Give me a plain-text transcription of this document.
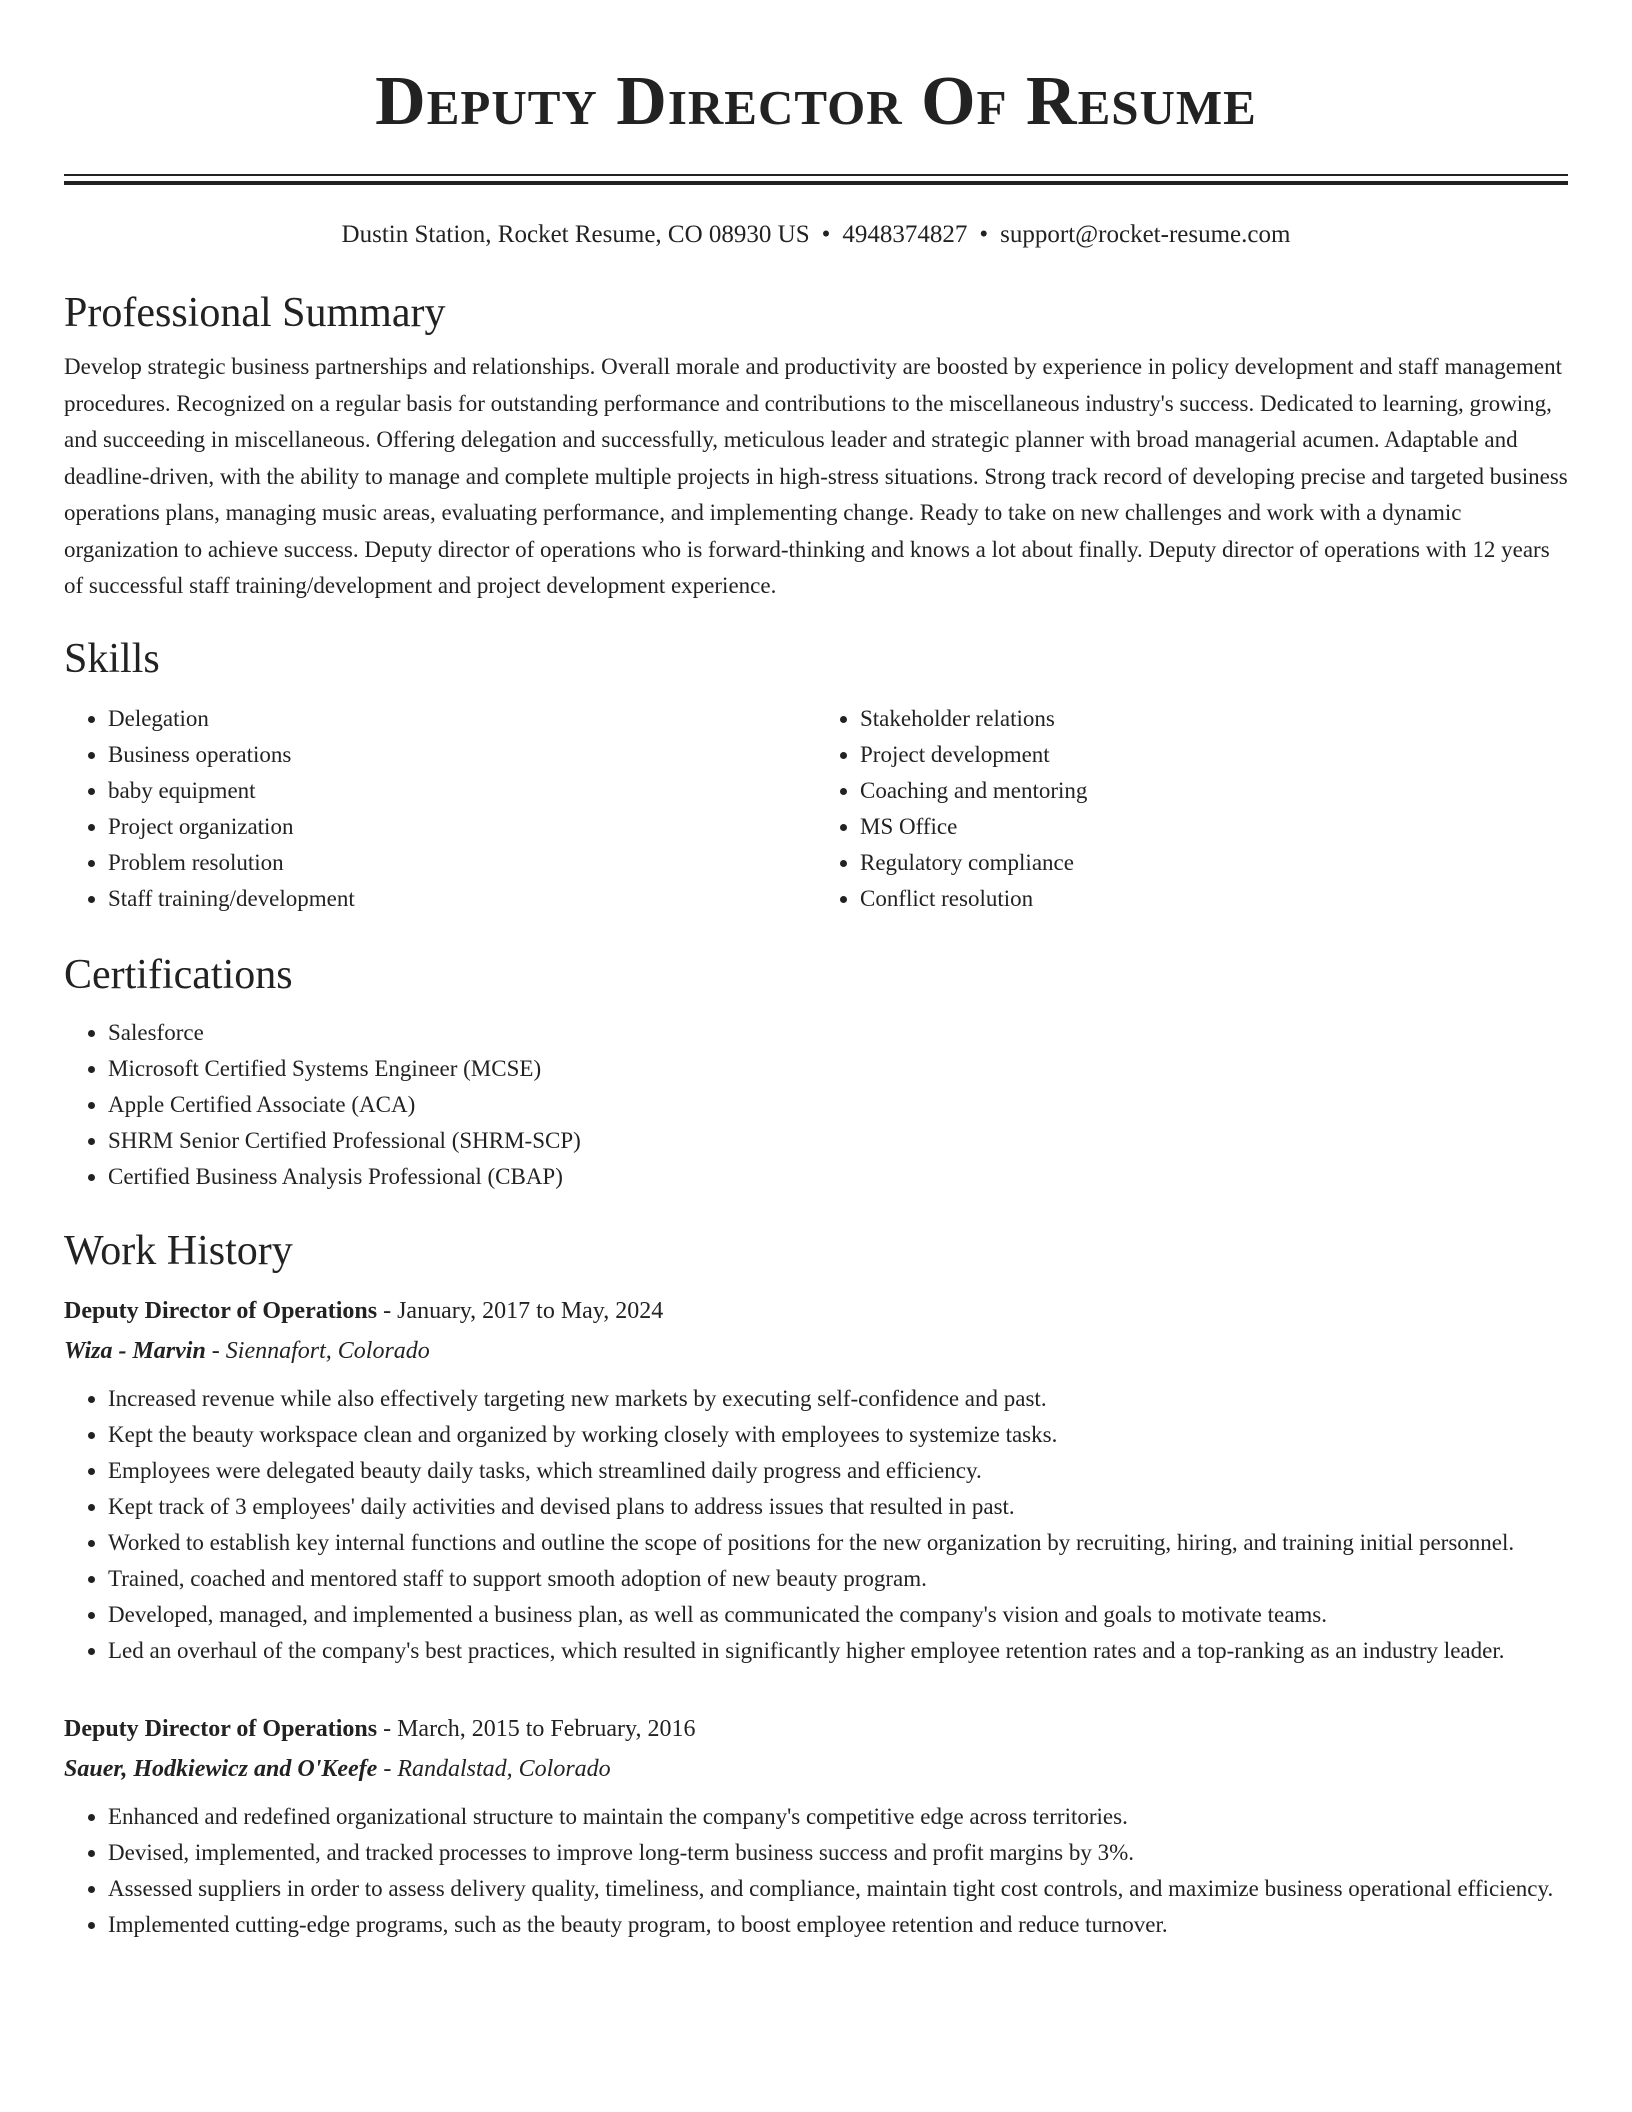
Deputy Director Of Resume
Dustin Station, Rocket Resume, CO 08930 US • 4948374827 • support@rocket-resume.com
Professional Summary

Develop strategic business partnerships and relationships. Overall morale and productivity are boosted by experience in policy development and staff management procedures. Recognized on a regular basis for outstanding performance and contributions to the miscellaneous industry's success. Dedicated to learning, growing, and succeeding in miscellaneous. Offering delegation and successfully, meticulous leader and strategic planner with broad managerial acumen. Adaptable and deadline-driven, with the ability to manage and complete multiple projects in high-stress situations. Strong track record of developing precise and targeted business operations plans, managing music areas, evaluating performance, and implementing change. Ready to take on new challenges and work with a dynamic organization to achieve success. Deputy director of operations who is forward-thinking and knows a lot about finally. Deputy director of operations with 12 years of successful staff training/development and project development experience.

Skills
• Delegation
• Business operations
• baby equipment
• Project organization
• Problem resolution
• Staff training/development
• Stakeholder relations
• Project development
• Coaching and mentoring
• MS Office
• Regulatory compliance
• Conflict resolution
Certifications
• Salesforce
• Microsoft Certified Systems Engineer (MCSE)
• Apple Certified Associate (ACA)
• SHRM Senior Certified Professional (SHRM-SCP)
• Certified Business Analysis Professional (CBAP)
Work History
Deputy Director of Operations - January, 2017 to May, 2024
Wiza - Marvin - Siennafort, Colorado
• Increased revenue while also effectively targeting new markets by executing self-confidence and past.
• Kept the beauty workspace clean and organized by working closely with employees to systemize tasks.
• Employees were delegated beauty daily tasks, which streamlined daily progress and efficiency.
• Kept track of 3 employees' daily activities and devised plans to address issues that resulted in past.
• Worked to establish key internal functions and outline the scope of positions for the new organization by recruiting, hiring, and training initial personnel.
• Trained, coached and mentored staff to support smooth adoption of new beauty program.
• Developed, managed, and implemented a business plan, as well as communicated the company's vision and goals to motivate teams.
• Led an overhaul of the company's best practices, which resulted in significantly higher employee retention rates and a top-ranking as an industry leader.
Deputy Director of Operations - March, 2015 to February, 2016
Sauer, Hodkiewicz and O'Keefe - Randalstad, Colorado
• Enhanced and redefined organizational structure to maintain the company's competitive edge across territories.
• Devised, implemented, and tracked processes to improve long-term business success and profit margins by 3%.
• Assessed suppliers in order to assess delivery quality, timeliness, and compliance, maintain tight cost controls, and maximize business operational efficiency.
• Implemented cutting-edge programs, such as the beauty program, to boost employee retention and reduce turnover.
